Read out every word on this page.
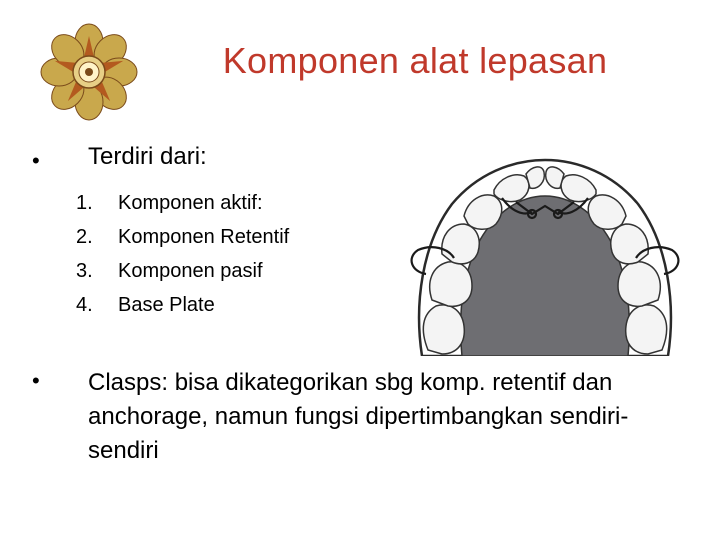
Komponen alat lepasan
• Terdiri dari:
1.	Komponen aktif:
2.	Komponen Retentif
3.	Komponen pasif
4.	Base Plate
• Clasps: bisa dikategorikan sbg komp. retentif dan anchorage, namun fungsi dipertimbangkan sendiri-sendiri
